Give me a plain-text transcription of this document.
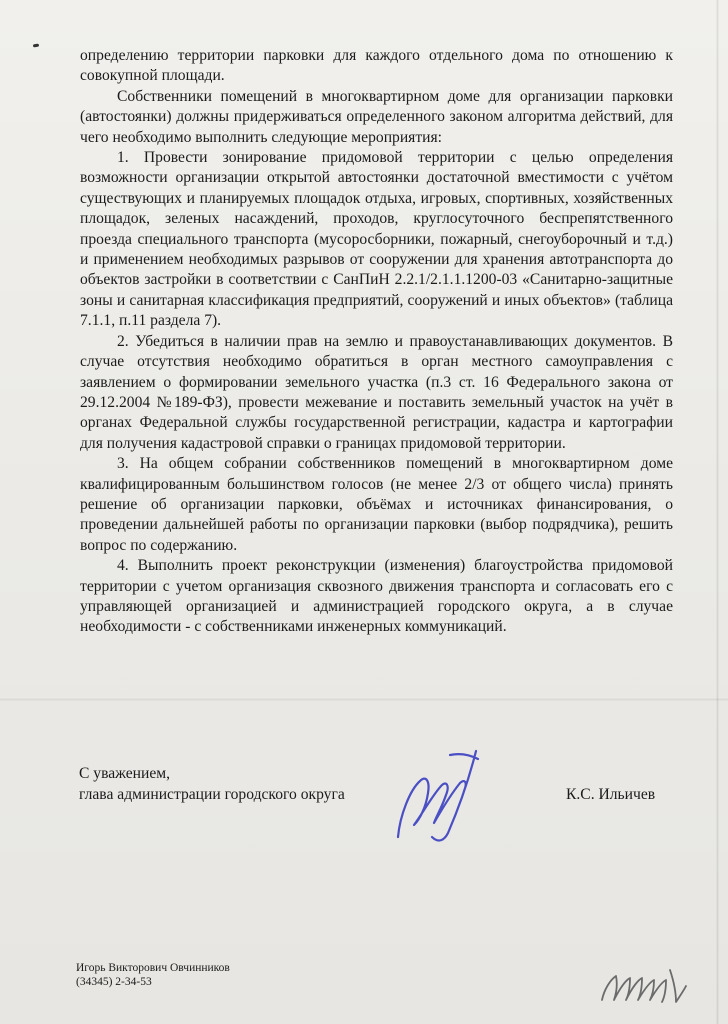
определению территории парковки для каждого отдельного дома по отношению к совокупной площади.

Собственники помещений в многоквартирном доме для организации парковки (автостоянки) должны придерживаться определенного законом алгоритма действий, для чего необходимо выполнить следующие мероприятия:

1. Провести зонирование придомовой территории с целью определения возможности организации открытой автостоянки достаточной вместимости с учётом существующих и планируемых площадок отдыха, игровых, спортивных, хозяйственных площадок, зеленых насаждений, проходов, круглосуточного беспрепятственного проезда специального транспорта (мусоросборники, пожарный, снегоуборочный и т.д.) и применением необходимых разрывов от сооружении для хранения автотранспорта до объектов застройки в соответствии с СанПиН 2.2.1/2.1.1.1200-03 «Санитарно-защитные зоны и санитарная классификация предприятий, сооружений и иных объектов» (таблица 7.1.1, п.11 раздела 7).

2. Убедиться в наличии прав на землю и правоустанавливающих документов. В случае отсутствия необходимо обратиться в орган местного самоуправления с заявлением о формировании земельного участка (п.3 ст. 16 Федерального закона от 29.12.2004 №189-ФЗ), провести межевание и поставить земельный участок на учёт в органах Федеральной службы государственной регистрации, кадастра и картографии для получения кадастровой справки о границах придомовой территории.

3. На общем собрании собственников помещений в многоквартирном доме квалифицированным большинством голосов (не менее 2/3 от общего числа) принять решение об организации парковки, объёмах и источниках финансирования, о проведении дальнейшей работы по организации парковки (выбор подрядчика), решить вопрос по содержанию.

4. Выполнить проект реконструкции (изменения) благоустройства придомовой территории с учетом организация сквозного движения транспорта и согласовать его с управляющей организацией и администрацией городского округа, а в случае необходимости - с собственниками инженерных коммуникаций.

С уважением,
глава администрации городского округа	К.С. Ильичев
Игорь Викторович Овчинников
(34345) 2-34-53
